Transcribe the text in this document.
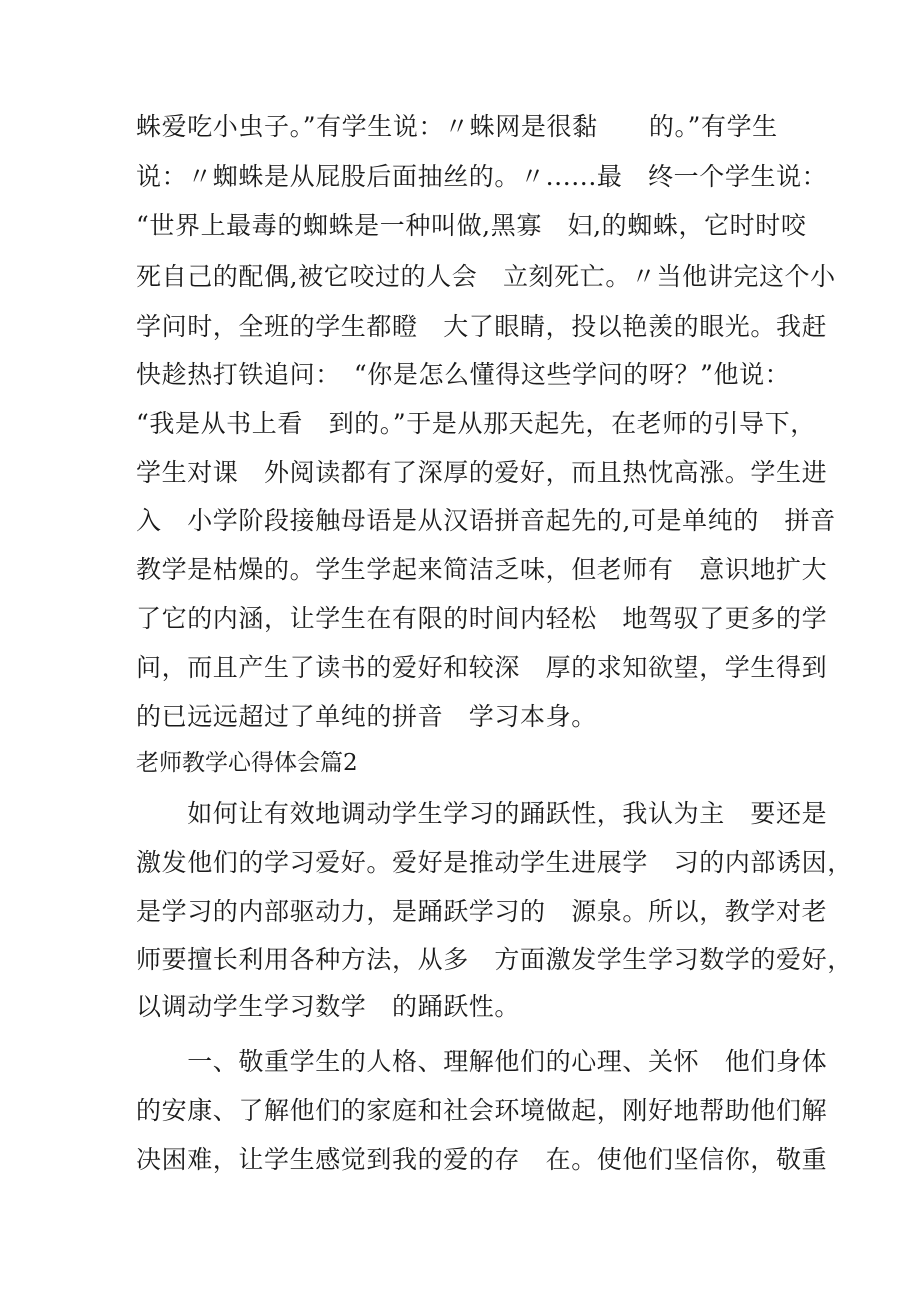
蛛爱吃小虫子。”有学生说：〃蛛网是很黏　　的。”有学生

说：〃蜘蛛是从屁股后面抽丝的。〃......最　终一个学生说：

“世界上最毒的蜘蛛是一种叫做,黑寡　妇,的蜘蛛，它时时咬

死自己的配偶,被它咬过的人会　立刻死亡。〃当他讲完这个小

学问时，全班的学生都瞪　大了眼睛，投以艳羡的眼光。我赶

快趁热打铁追问：　“你是怎么懂得这些学问的呀？”他说：

“我是从书上看　到的。”于是从那天起先，在老师的引导下，

学生对课　外阅读都有了深厚的爱好，而且热忱高涨。学生进

入　小学阶段接触母语是从汉语拼音起先的,可是单纯的　拼音

教学是枯燥的。学生学起来简洁乏味，但老师有　意识地扩大

了它的内涵，让学生在有限的时间内轻松　地驾驭了更多的学

问，而且产生了读书的爱好和较深　厚的求知欲望，学生得到

的已远远超过了单纯的拼音　学习本身。

老师教学心得体会篇2

　　如何让有效地调动学生学习的踊跃性，我认为主　要还是

激发他们的学习爱好。爱好是推动学生进展学　习的内部诱因，

是学习的内部驱动力，是踊跃学习的　源泉。所以，教学对老

师要擅长利用各种方法，从多　方面激发学生学习数学的爱好，

以调动学生学习数学　的踊跃性。

　　一、敬重学生的人格、理解他们的心理、关怀　他们身体

的安康、了解他们的家庭和社会环境做起，刚好地帮助他们解

决困难，让学生感觉到我的爱的存　在。使他们坚信你，敬重
